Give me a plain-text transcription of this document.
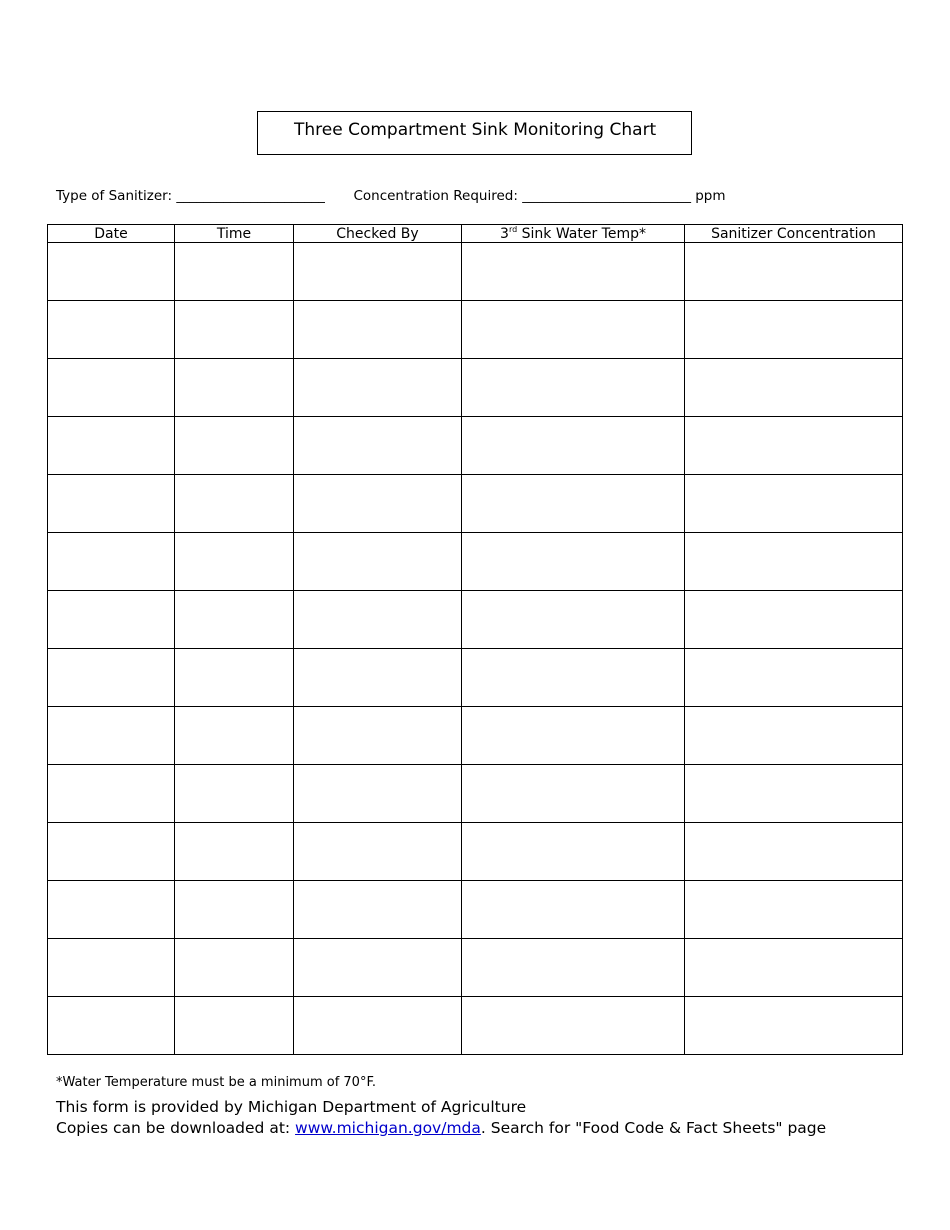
Three Compartment Sink Monitoring Chart
Type of Sanitizer: ______________________ Concentration Required: _________________________ ppm
Date	Time	Checked By	3rd Sink Water Temp*	Sanitizer Concentration

*Water Temperature must be a minimum of 70°F.
This form is provided by Michigan Department of Agriculture
Copies can be downloaded at: www.michigan.gov/mda. Search for "Food Code & Fact Sheets" page
